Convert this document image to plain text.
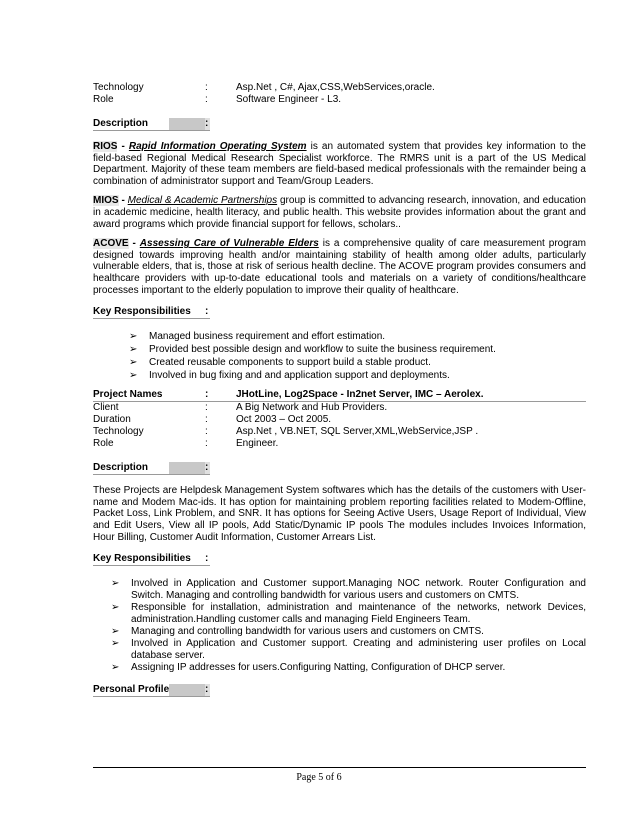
Technology	:	Asp.Net , C#, Ajax,CSS,WebServices,oracle.
Role	:	Software Engineer - L3.
Description	:

RIOS - Rapid Information Operating System is an automated system that provides key information to the field-based Regional Medical Research Specialist workforce. The RMRS unit is a part of the US Medical Department. Majority of these team members are field-based medical professionals with the remainder being a combination of administrator support and Team/Group Leaders.

MIOS - Medical & Academic Partnerships group is committed to advancing research, innovation, and education in academic medicine, health literacy, and public health. This website provides information about the grant and award programs which provide financial support for fellows, scholars..

ACOVE - Assessing Care of Vulnerable Elders is a comprehensive quality of care measurement program designed towards improving health and/or maintaining stability of health among older adults, particularly vulnerable elders, that is, those at risk of serious health decline. The ACOVE program provides consumers and healthcare providers with up-to-date educational tools and materials on a variety of conditions/healthcare processes important to the elderly population to improve their quality of healthcare.

Key Responsibilities	:
➢ Managed business requirement and effort estimation.
➢ Provided best possible design and workflow to suite the business requirement.
➢ Created reusable components to support build a stable product.
➢ Involved in bug fixing and and application support and deployments.
Project Names	:	JHotLine, Log2Space - In2net Server, IMC – Aerolex.
Client	:	A Big Network and Hub Providers.
Duration	:	Oct 2003 – Oct 2005.
Technology	:	Asp.Net , VB.NET, SQL Server,XML,WebService,JSP .
Role	:	Engineer.
Description	:

These Projects are Helpdesk Management System softwares which has the details of the customers with User-name and Modem Mac-ids. It has option for maintaining problem reporting facilities related to Modem-Offline, Packet Loss, Link Problem, and SNR. It has options for Seeing Active Users, Usage Report of Individual, View and Edit Users, View all IP pools, Add Static/Dynamic IP pools The modules includes Invoices Information, Hour Billing, Customer Audit Information, Customer Arrears List.

Key Responsibilities	:
➢ Involved in Application and Customer support.Managing NOC network. Router Configuration and Switch. Managing and controlling bandwidth for various users and customers on CMTS.
➢ Responsible for installation, administration and maintenance of the networks, network Devices, administration.Handling customer calls and managing Field Engineers Team.
➢ Managing and controlling bandwidth for various users and customers on CMTS.
➢ Involved in Application and Customer support. Creating and administering user profiles on Local database server.
➢ Assigning IP addresses for users.Configuring Natting, Configuration of DHCP server.
Personal Profile	:
Page 5 of 6
